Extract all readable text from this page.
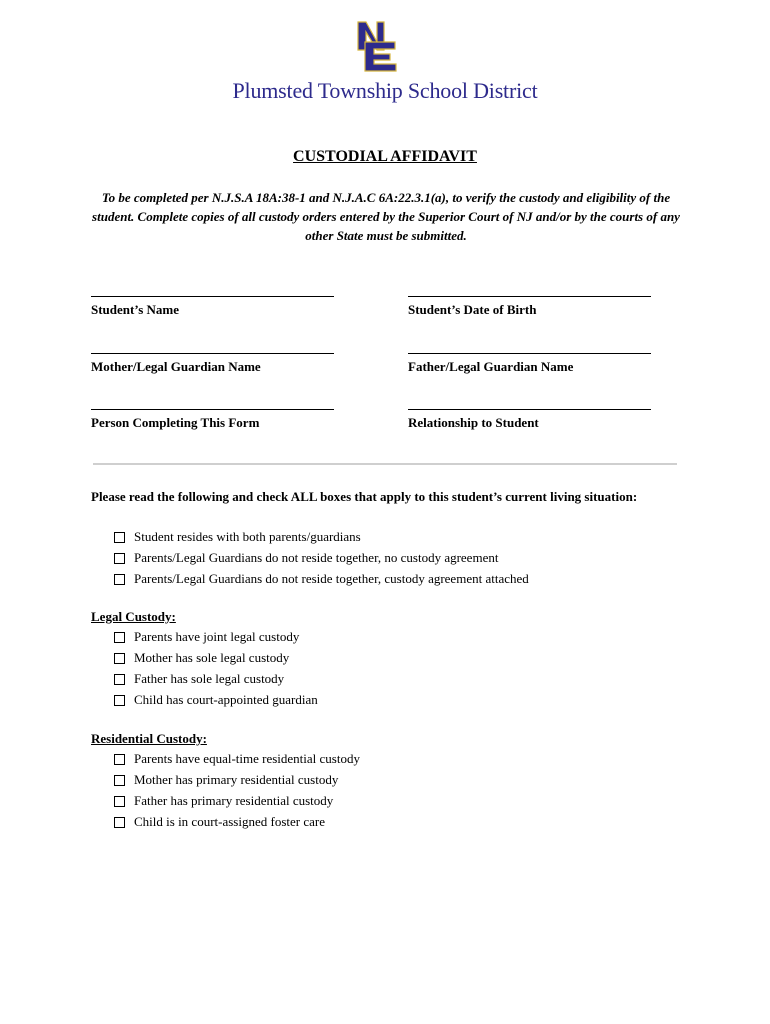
Plumsted Township School District
CUSTODIAL AFFIDAVIT
To be completed per N.J.S.A 18A:38-1 and N.J.A.C 6A:22.3.1(a), to verify the custody and eligibility of the student. Complete copies of all custody orders entered by the Superior Court of NJ and/or by the courts of any other State must be submitted.
Student’s Name	Student’s Date of Birth
Mother/Legal Guardian Name	Father/Legal Guardian Name
Person Completing This Form	Relationship to Student
Please read the following and check ALL boxes that apply to this student’s current living situation:
Student resides with both parents/guardians
Parents/Legal Guardians do not reside together, no custody agreement
Parents/Legal Guardians do not reside together, custody agreement attached
Legal Custody:
Parents have joint legal custody
Mother has sole legal custody
Father has sole legal custody
Child has court-appointed guardian
Residential Custody:
Parents have equal-time residential custody
Mother has primary residential custody
Father has primary residential custody
Child is in court-assigned foster care
